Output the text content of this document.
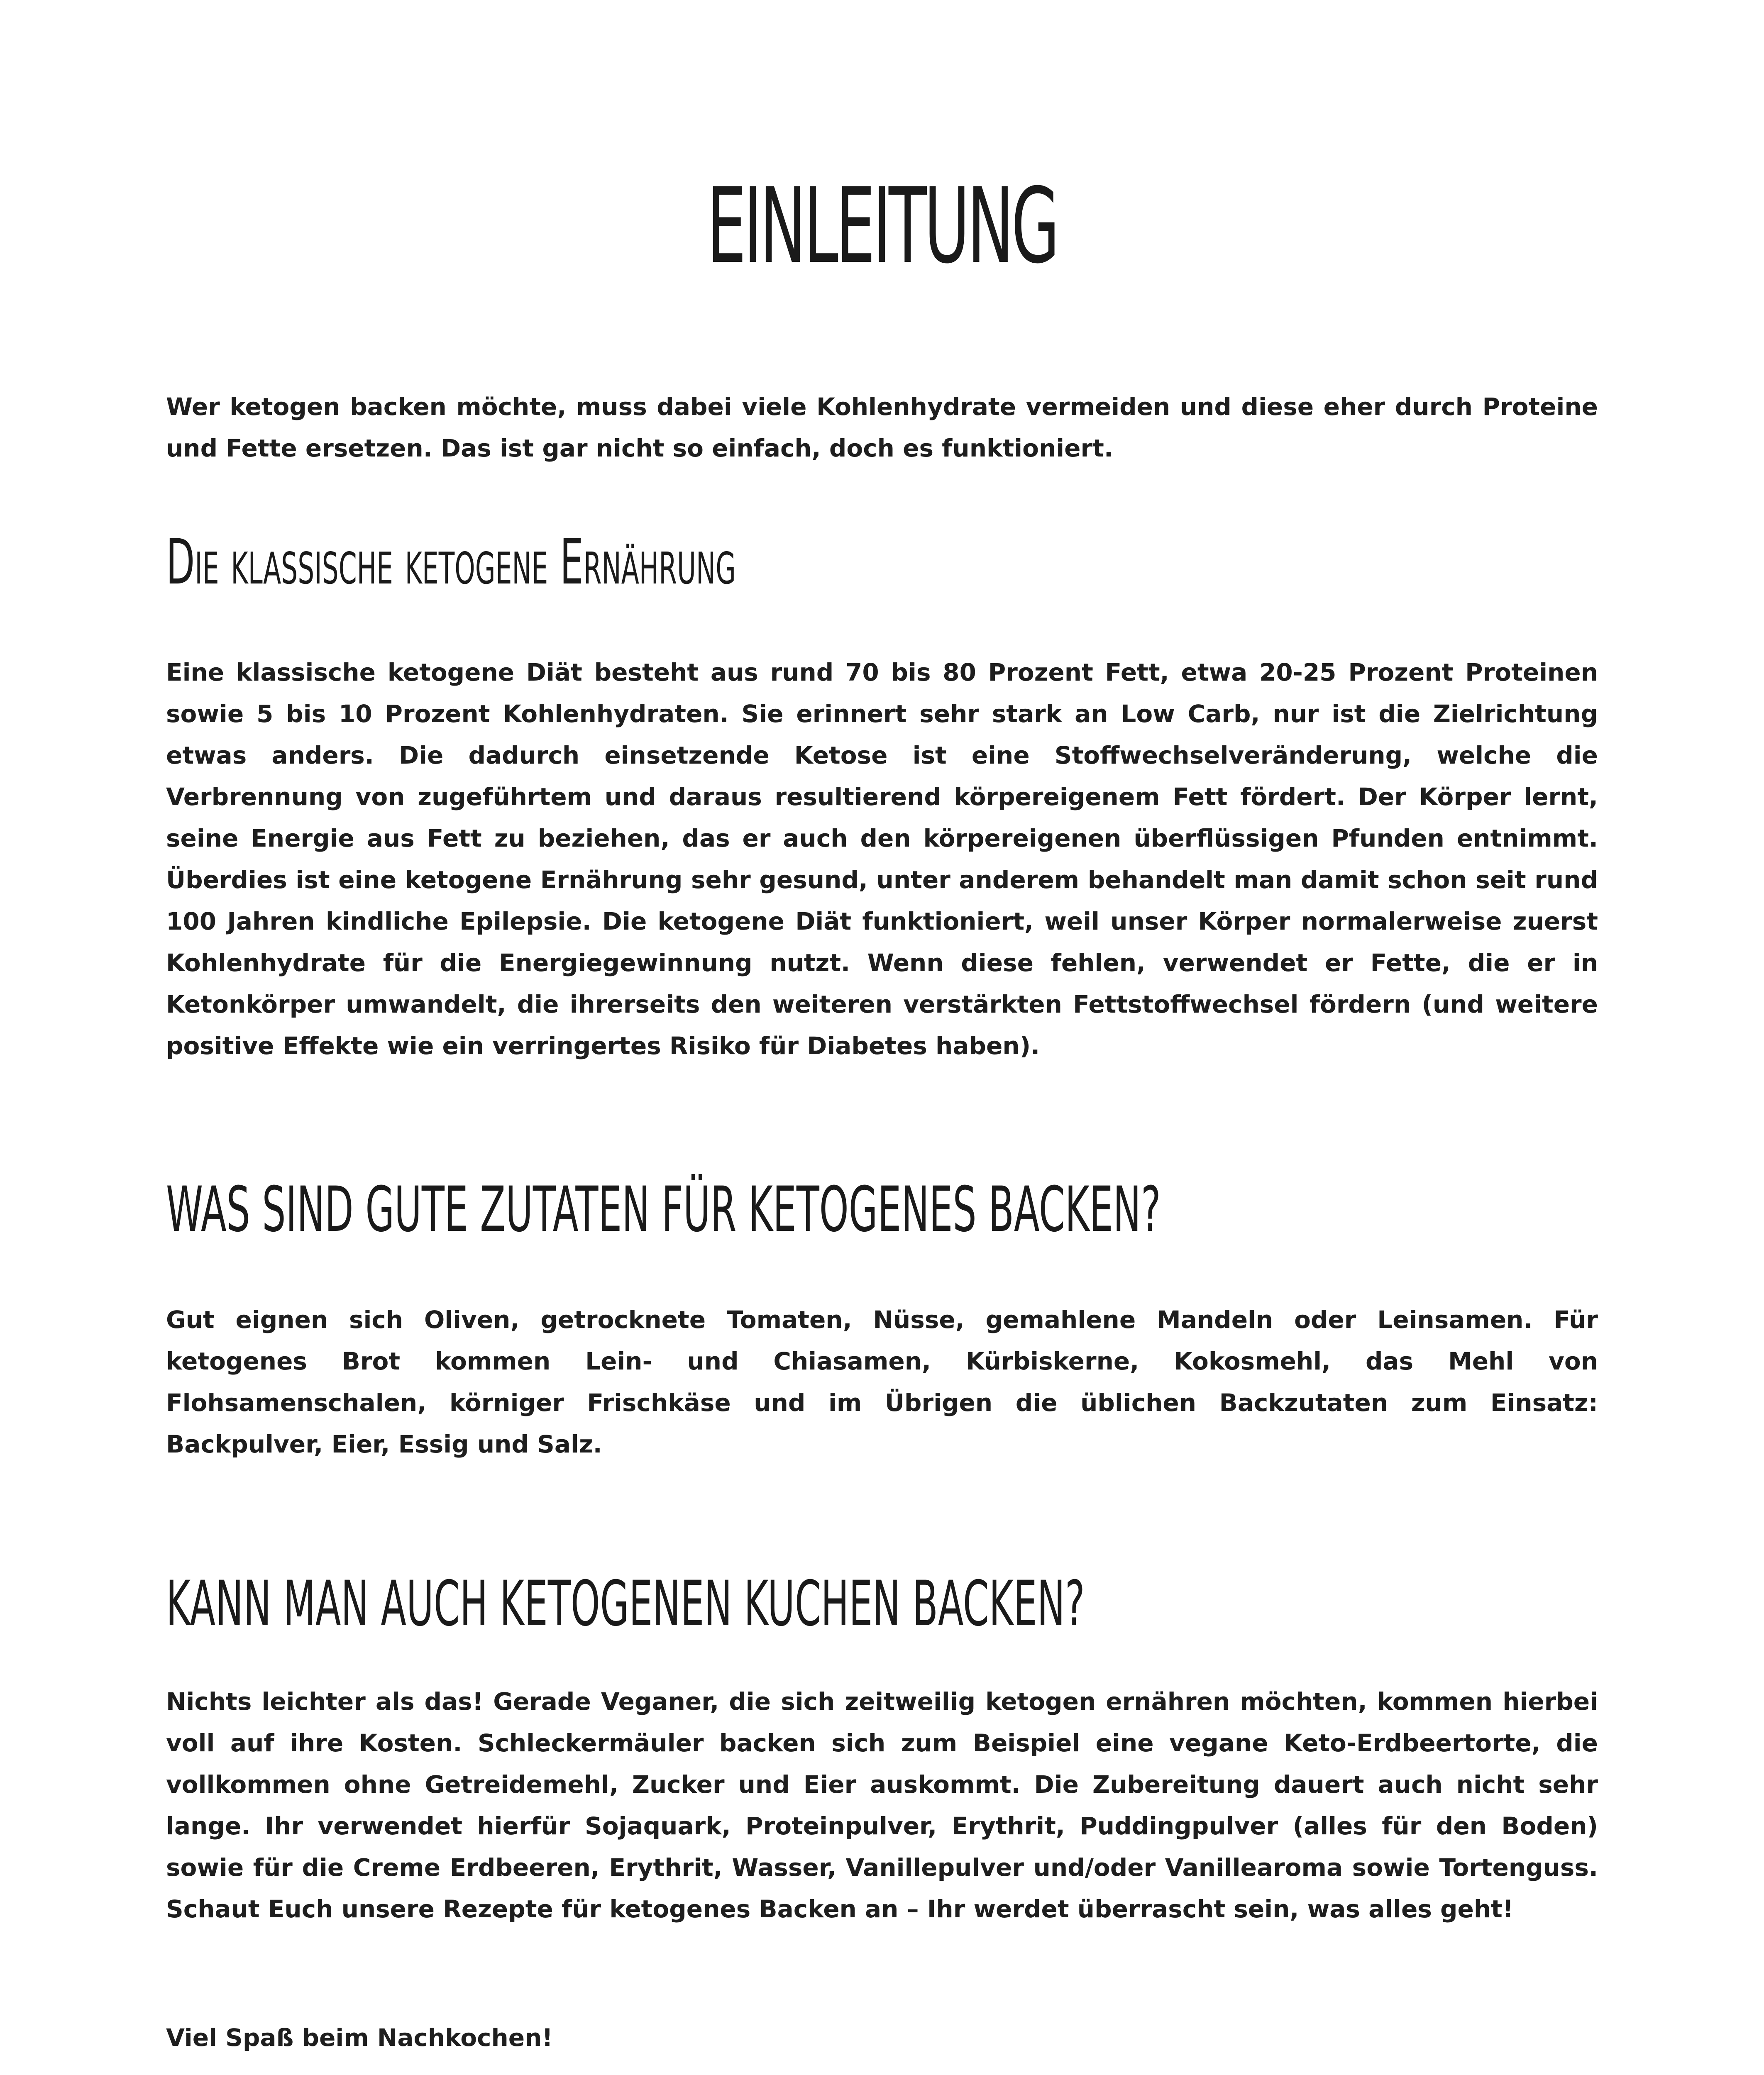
EINLEITUNG

Wer ketogen backen möchte, muss dabei viele Kohlenhydrate vermeiden und diese eher durch Proteine und Fette ersetzen. Das ist gar nicht so einfach, doch es funktioniert.

Die klassische ketogene Ernährung

Eine klassische ketogene Diät besteht aus rund 70 bis 80 Prozent Fett, etwa 20-25 Prozent Proteinen sowie 5 bis 10 Prozent Kohlenhydraten. Sie erinnert sehr stark an Low Carb, nur ist die Zielrichtung etwas anders. Die dadurch einsetzende Ketose ist eine Stoffwechselveränderung, welche die Verbrennung von zugeführtem und daraus resultierend körpereigenem Fett fördert. Der Körper lernt, seine Energie aus Fett zu beziehen, das er auch den körpereigenen überflüssigen Pfunden entnimmt. Überdies ist eine ketogene Ernährung sehr gesund, unter anderem behandelt man damit schon seit rund 100 Jahren kindliche Epilepsie. Die ketogene Diät funktioniert, weil unser Körper normalerweise zuerst Kohlenhydrate für die Energiegewinnung nutzt. Wenn diese fehlen, verwendet er Fette, die er in Ketonkörper umwandelt, die ihrerseits den weiteren verstärkten Fettstoffwechsel fördern (und weitere positive Effekte wie ein verringertes Risiko für Diabetes haben).

WAS SIND GUTE ZUTATEN FÜR KETOGENES BACKEN?

Gut eignen sich Oliven, getrocknete Tomaten, Nüsse, gemahlene Mandeln oder Leinsamen. Für ketogenes Brot kommen Lein- und Chiasamen, Kürbiskerne, Kokosmehl, das Mehl von Flohsamenschalen, körniger Frischkäse und im Übrigen die üblichen Backzutaten zum Einsatz: Backpulver, Eier, Essig und Salz.

KANN MAN AUCH KETOGENEN KUCHEN BACKEN?

Nichts leichter als das! Gerade Veganer, die sich zeitweilig ketogen ernähren möchten, kommen hierbei voll auf ihre Kosten. Schleckermäuler backen sich zum Beispiel eine vegane Keto-Erdbeertorte, die vollkommen ohne Getreidemehl, Zucker und Eier auskommt. Die Zubereitung dauert auch nicht sehr lange. Ihr verwendet hierfür Sojaquark, Proteinpulver, Erythrit, Puddingpulver (alles für den Boden) sowie für die Creme Erdbeeren, Erythrit, Wasser, Vanillepulver und/oder Vanillearoma sowie Tortenguss. Schaut Euch unsere Rezepte für ketogenes Backen an – Ihr werdet überrascht sein, was alles geht!

Viel Spaß beim Nachkochen!
